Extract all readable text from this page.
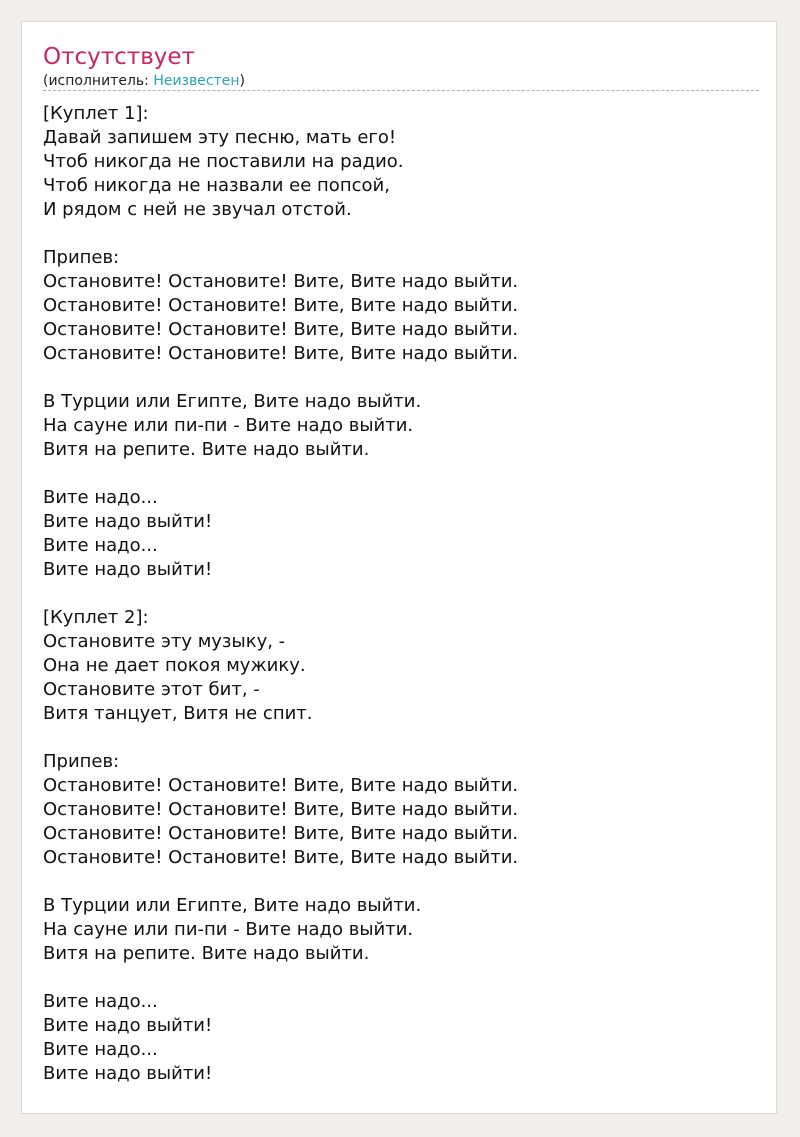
Отсутствует
(исполнитель: Неизвестен)
[Куплет 1]:
Давай запишем эту песню, мать его!
Чтоб никогда не поставили на радио.
Чтоб никогда не назвали ее попсой,
И рядом с ней не звучал отстой.
Припев:
Остановите! Остановите! Вите, Вите надо выйти.
Остановите! Остановите! Вите, Вите надо выйти.
Остановите! Остановите! Вите, Вите надо выйти.
Остановите! Остановите! Вите, Вите надо выйти.
В Турции или Египте, Вите надо выйти.
На сауне или пи-пи - Вите надо выйти.
Витя на репите. Вите надо выйти.
Вите надо...
Вите надо выйти!
Вите надо...
Вите надо выйти!
[Куплет 2]:
Остановите эту музыку, -
Она не дает покоя мужику.
Остановите этот бит, -
Витя танцует, Витя не спит.
Припев:
Остановите! Остановите! Вите, Вите надо выйти.
Остановите! Остановите! Вите, Вите надо выйти.
Остановите! Остановите! Вите, Вите надо выйти.
Остановите! Остановите! Вите, Вите надо выйти.
В Турции или Египте, Вите надо выйти.
На сауне или пи-пи - Вите надо выйти.
Витя на репите. Вите надо выйти.
Вите надо...
Вите надо выйти!
Вите надо...
Вите надо выйти!
